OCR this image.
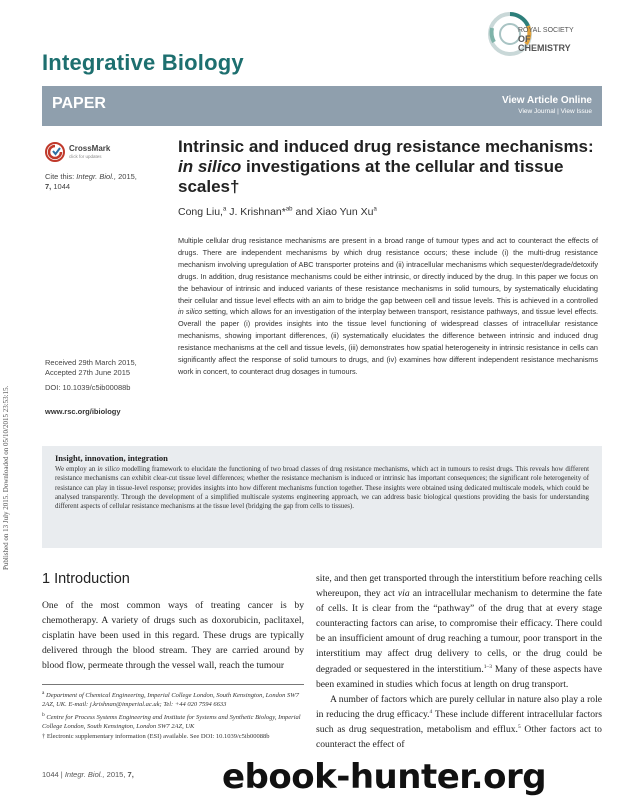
Published on 13 July 2015. Downloaded on 05/10/2015 23:53:15.
Integrative Biology
ROYAL SOCIETY
OF CHEMISTRY
PAPER	View Article Online
View Journal | View Issue
CrossMark
click for updates
Cite this: Integr. Biol., 2015,
7, 1044
Received 29th March 2015,
Accepted 27th June 2015
DOI: 10.1039/c5ib00088b
www.rsc.org/ibiology
Intrinsic and induced drug resistance mechanisms:
in silico investigations at the cellular and tissue
scales†
Cong Liu,$^a$ J. Krishnan*$^{ab}$ and Xiao Yun Xu$^a$
Multiple cellular drug resistance mechanisms are present in a broad range of tumour types and act to counteract the effects of drugs. There are independent mechanisms by which drug resistance occurs; these include (i) the multi-drug resistance mechanism involving upregulation of ABC transporter proteins and (ii) intracellular mechanisms which sequester/degrade/detoxify drugs. In addition, drug resistance mechanisms could be either intrinsic, or directly induced by the drug. In this paper we focus on the behaviour of intrinsic and induced variants of these resistance mechanisms in solid tumours, by systematically elucidating their cellular and tissue level effects with an aim to bridge the gap between cell and tissue levels. This is achieved in a controlled in silico setting, which allows for an investigation of the interplay between transport, resistance pathways, and tissue level effects. Overall the paper (i) provides insights into the tissue level functioning of widespread classes of intracellular resistance mechanisms, showing important differences, (ii) systematically elucidates the difference between intrinsic and induced drug resistance mechanisms at the cell and tissue levels, (iii) demonstrates how spatial heterogeneity in intrinsic resistance in cells can significantly affect the response of solid tumours to drugs, and (iv) examines how different independent resistance mechanisms work in concert, to counteract drug dosages in tumours.
Insight, innovation, integration
We employ an in silico modelling framework to elucidate the functioning of two broad classes of drug resistance mechanisms, which act in tumours to resist drugs. This reveals how different resistance mechanisms can exhibit clear-cut tissue level differences; whether the resistance mechanism is induced or intrinsic has important consequences; the significant role heterogeneity of resistance can play in tissue-level response; provides insights into how different mechanisms function together. These insights were obtained using dedicated multiscale models, which could be analysed transparently. Through the development of a simplified multiscale systems engineering approach, we can address basic biological questions providing the basis for understanding different aspects of cellular resistance mechanisms at the tissue level (bridging the gap from cells to tissues).
1 Introduction

One of the most common ways of treating cancer is by chemotherapy. A variety of drugs such as doxorubicin, paclitaxel, cisplatin have been used in this regard. These drugs are typically delivered through the blood stream. They are carried around by blood flow, permeate through the vessel wall, reach the tumour

$^a$ Department of Chemical Engineering, Imperial College London, South Kensington, London SW7 2AZ, UK. E-mail: j.krishnan@imperial.ac.uk; Tel: +44 020 7594 6633

$^b$ Centre for Process Systems Engineering and Institute for Systems and Synthetic Biology, Imperial College London, South Kensington, London SW7 2AZ, UK

† Electronic supplementary information (ESI) available. See DOI: 10.1039/c5ib00088b

site, and then get transported through the interstitium before reaching cells whereupon, they act via an intracellular mechanism to determine the fate of cells. It is clear from the “pathway” of the drug that at every stage counteracting factors can arise, to compromise their efficacy. There could be an insufficient amount of drug reaching a tumour, poor transport in the interstitium may affect drug delivery to cells, or the drug could be degraded or sequestered in the interstitium.$^{1-3}$ Many of these aspects have been examined in studies which focus at length on drug transport.

A number of factors which are purely cellular in nature also play a role in reducing the drug efficacy.$^4$ These include different intracellular factors such as drug sequestration, metabolism and efflux.$^5$ Other factors act to counteract the effect of

1044 | Integr. Biol., 2015, 7,	ebook-hunter.org
